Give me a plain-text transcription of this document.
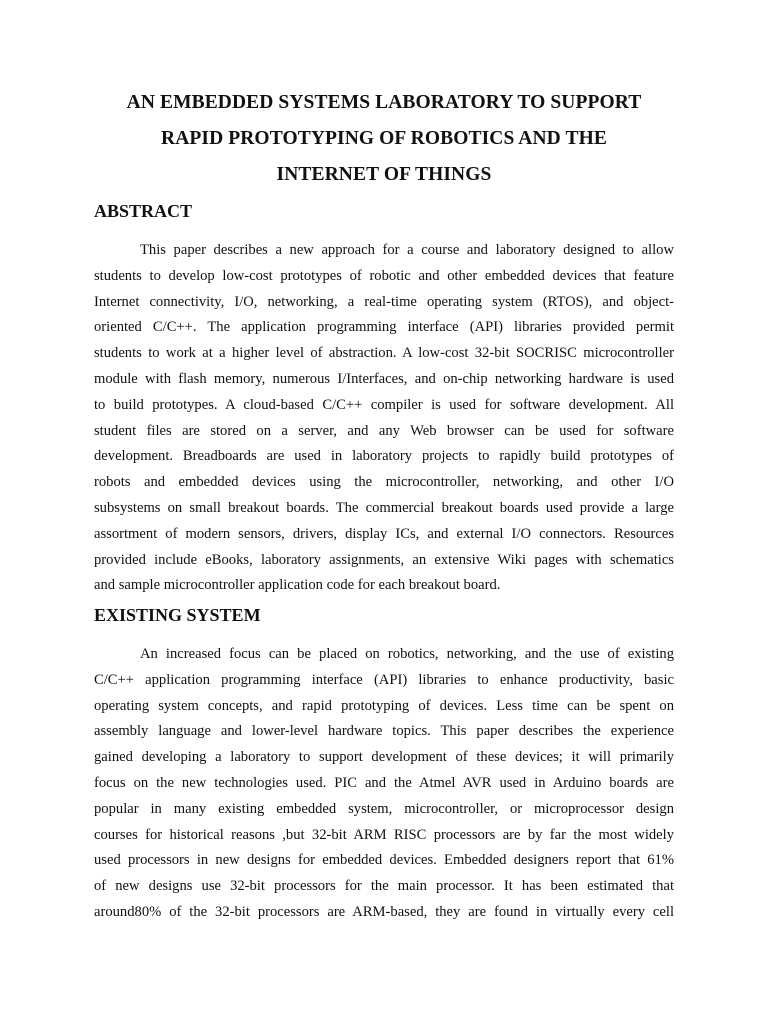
AN EMBEDDED SYSTEMS LABORATORY TO SUPPORT
RAPID PROTOTYPING OF ROBOTICS AND THE
INTERNET OF THINGS
ABSTRACT

This paper describes a new approach for a course and laboratory designed to allow
students to develop low-cost prototypes of robotic and other embedded devices that feature
Internet connectivity, I/O, networking, a real-time operating system (RTOS), and object-
oriented C/C++. The application programming interface (API) libraries provided permit
students to work at a higher level of abstraction. A low-cost 32-bit SOCRISC microcontroller
module with flash memory, numerous I/Interfaces, and on-chip networking hardware is used
to build prototypes. A cloud-based C/C++ compiler is used for software development. All
student files are stored on a server, and any Web browser can be used for software
development. Breadboards are used in laboratory projects to rapidly build prototypes of
robots and embedded devices using the microcontroller, networking, and other I/O
subsystems on small breakout boards. The commercial breakout boards used provide a large
assortment of modern sensors, drivers, display ICs, and external I/O connectors. Resources
provided include eBooks, laboratory assignments, an extensive Wiki pages with schematics
and sample microcontroller application code for each breakout board.

EXISTING SYSTEM

An increased focus can be placed on robotics, networking, and the use of existing
C/C++ application programming interface (API) libraries to enhance productivity, basic
operating system concepts, and rapid prototyping of devices. Less time can be spent on
assembly language and lower-level hardware topics. This paper describes the experience
gained developing a laboratory to support development of these devices; it will primarily
focus on the new technologies used. PIC and the Atmel AVR used in Arduino boards are
popular in many existing embedded system, microcontroller, or microprocessor design
courses for historical reasons ,but 32-bit ARM RISC processors are by far the most widely
used processors in new designs for embedded devices. Embedded designers report that 61%
of new designs use 32-bit processors for the main processor. It has been estimated that
around80% of the 32-bit processors are ARM-based, they are found in virtually every cell
